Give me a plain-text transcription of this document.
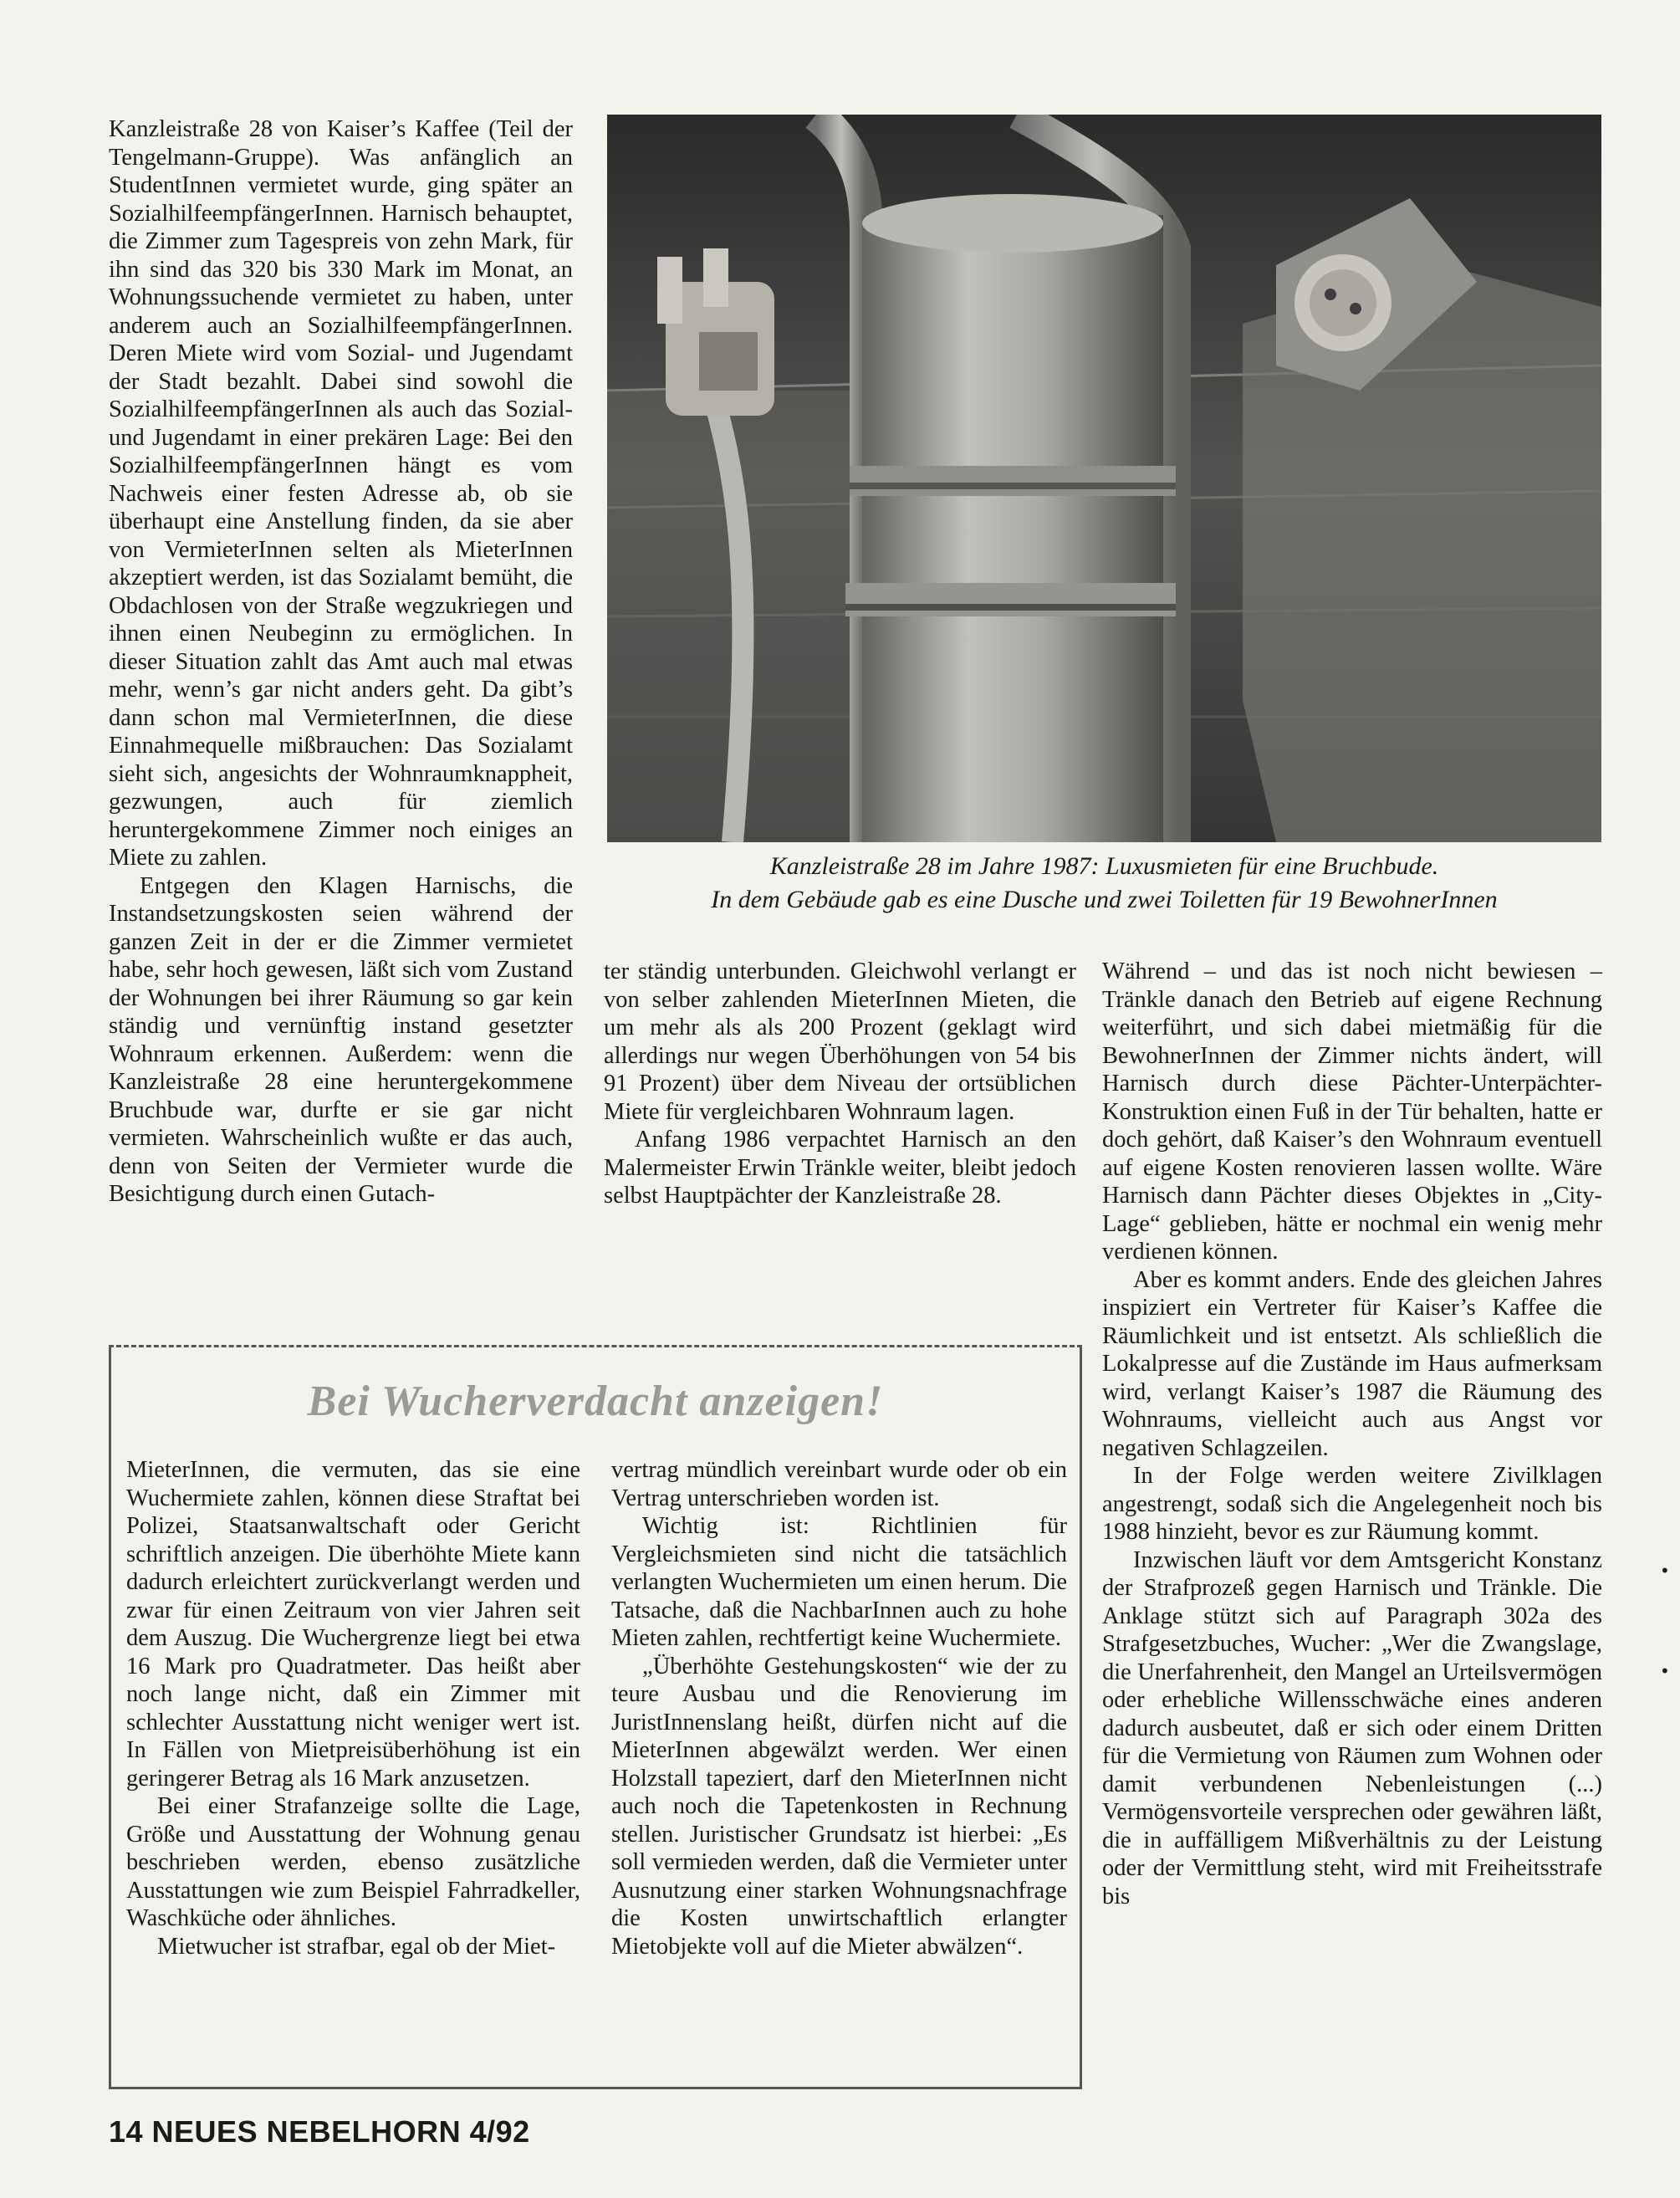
Kanzleistraße 28 von Kaiser’s Kaffee (Teil der Tengelmann-Gruppe). Was anfänglich an StudentInnen vermietet wurde, ging später an SozialhilfeempfängerInnen. Harnisch behauptet, die Zimmer zum Tagespreis von zehn Mark, für ihn sind das 320 bis 330 Mark im Monat, an Wohnungssuchende vermietet zu haben, unter anderem auch an SozialhilfeempfängerInnen. Deren Miete wird vom Sozial- und Jugendamt der Stadt bezahlt. Dabei sind sowohl die SozialhilfeempfängerInnen als auch das Sozial- und Jugendamt in einer prekären Lage: Bei den SozialhilfeempfängerInnen hängt es vom Nachweis einer festen Adresse ab, ob sie überhaupt eine Anstellung finden, da sie aber von VermieterInnen selten als MieterInnen akzeptiert werden, ist das Sozialamt bemüht, die Obdachlosen von der Straße wegzukriegen und ihnen einen Neubeginn zu ermöglichen. In dieser Situation zahlt das Amt auch mal etwas mehr, wenn’s gar nicht anders geht. Da gibt’s dann schon mal VermieterInnen, die diese Einnahmequelle mißbrauchen: Das Sozialamt sieht sich, angesichts der Wohnraumknappheit, gezwungen, auch für ziemlich heruntergekommene Zimmer noch einiges an Miete zu zahlen.

Entgegen den Klagen Harnischs, die Instandsetzungskosten seien während der ganzen Zeit in der er die Zimmer vermietet habe, sehr hoch gewesen, läßt sich vom Zustand der Wohnungen bei ihrer Räumung so gar kein ständig und vernünftig instand gesetzter Wohnraum erkennen. Außerdem: wenn die Kanzleistraße 28 eine heruntergekommene Bruchbude war, durfte er sie gar nicht vermieten. Wahrscheinlich wußte er das auch, denn von Seiten der Vermieter wurde die Besichtigung durch einen Gutach-

Kanzleistraße 28 im Jahre 1987: Luxusmieten für eine Bruchbude.
In dem Gebäude gab es eine Dusche und zwei Toiletten für 19 BewohnerInnen

ter ständig unterbunden. Gleichwohl verlangt er von selber zahlenden MieterInnen Mieten, die um mehr als als 200 Prozent (geklagt wird allerdings nur wegen Überhöhungen von 54 bis 91 Prozent) über dem Niveau der ortsüblichen Miete für vergleichbaren Wohnraum lagen.

Anfang 1986 verpachtet Harnisch an den Malermeister Erwin Tränkle weiter, bleibt jedoch selbst Hauptpächter der Kanzleistraße 28.

Während – und das ist noch nicht bewiesen – Tränkle danach den Betrieb auf eigene Rechnung weiterführt, und sich dabei mietmäßig für die BewohnerInnen der Zimmer nichts ändert, will Harnisch durch diese Pächter-Unterpächter-Konstruktion einen Fuß in der Tür behalten, hatte er doch gehört, daß Kaiser’s den Wohnraum eventuell auf eigene Kosten renovieren lassen wollte. Wäre Harnisch dann Pächter dieses Objektes in „City-Lage“ geblieben, hätte er nochmal ein wenig mehr verdienen können.

Aber es kommt anders. Ende des gleichen Jahres inspiziert ein Vertreter für Kaiser’s Kaffee die Räumlichkeit und ist entsetzt. Als schließlich die Lokalpresse auf die Zustände im Haus aufmerksam wird, verlangt Kaiser’s 1987 die Räumung des Wohnraums, vielleicht auch aus Angst vor negativen Schlagzeilen.

In der Folge werden weitere Zivilklagen angestrengt, sodaß sich die Angelegenheit noch bis 1988 hinzieht, bevor es zur Räumung kommt.

Inzwischen läuft vor dem Amtsgericht Konstanz der Strafprozeß gegen Harnisch und Tränkle. Die Anklage stützt sich auf Paragraph 302a des Strafgesetzbuches, Wucher: „Wer die Zwangslage, die Unerfahrenheit, den Mangel an Urteilsvermögen oder erhebliche Willensschwäche eines anderen dadurch ausbeutet, daß er sich oder einem Dritten für die Vermietung von Räumen zum Wohnen oder damit verbundenen Nebenleistungen (...) Vermögensvorteile versprechen oder gewähren läßt, die in auffälligem Mißverhältnis zu der Leistung oder der Vermittlung steht, wird mit Freiheitsstrafe bis

Bei Wucherverdacht anzeigen!

MieterInnen, die vermuten, das sie eine Wuchermiete zahlen, können diese Straftat bei Polizei, Staatsanwaltschaft oder Gericht schriftlich anzeigen. Die überhöhte Miete kann dadurch erleichtert zurückverlangt werden und zwar für einen Zeitraum von vier Jahren seit dem Auszug. Die Wuchergrenze liegt bei etwa 16 Mark pro Quadratmeter. Das heißt aber noch lange nicht, daß ein Zimmer mit schlechter Ausstattung nicht weniger wert ist. In Fällen von Mietpreisüberhöhung ist ein geringerer Betrag als 16 Mark anzusetzen.

Bei einer Strafanzeige sollte die Lage, Größe und Ausstattung der Wohnung genau beschrieben werden, ebenso zusätzliche Ausstattungen wie zum Beispiel Fahrradkeller, Waschküche oder ähnliches.

Mietwucher ist strafbar, egal ob der Miet-

vertrag mündlich vereinbart wurde oder ob ein Vertrag unterschrieben worden ist.

Wichtig ist: Richtlinien für Vergleichsmieten sind nicht die tatsächlich verlangten Wuchermieten um einen herum. Die Tatsache, daß die NachbarInnen auch zu hohe Mieten zahlen, rechtfertigt keine Wuchermiete.

„Überhöhte Gestehungskosten“ wie der zu teure Ausbau und die Renovierung im JuristInnenslang heißt, dürfen nicht auf die MieterInnen abgewälzt werden. Wer einen Holzstall tapeziert, darf den MieterInnen nicht auch noch die Tapetenkosten in Rechnung stellen. Juristischer Grundsatz ist hierbei: „Es soll vermieden werden, daß die Vermieter unter Ausnutzung einer starken Wohnungsnachfrage die Kosten unwirtschaftlich erlangter Mietobjekte voll auf die Mieter abwälzen“.

•
•
14 NEUES NEBELHORN 4/92
